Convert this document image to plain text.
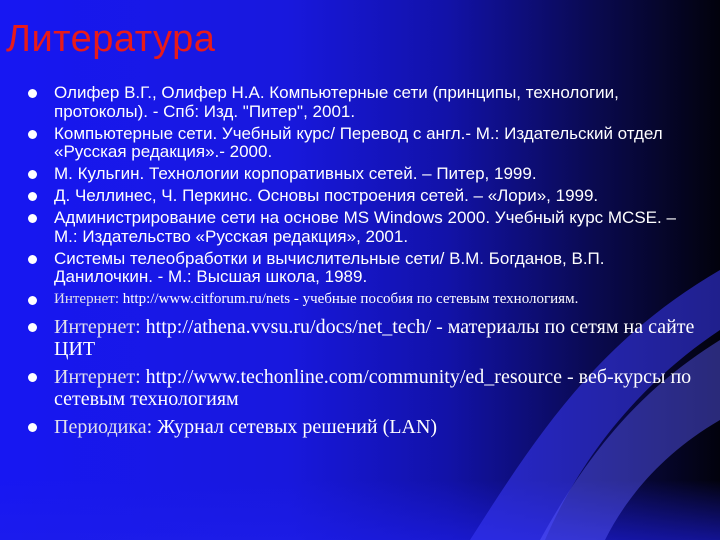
Литература
Олифер В.Г., Олифер Н.А. Компьютерные сети (принципы, технологии, протоколы). - Спб: Изд. "Питер", 2001.
Компьютерные сети. Учебный курс/ Перевод с англ.- М.: Издательский отдел «Русская редакция».- 2000.
М. Кульгин. Технологии корпоративных сетей. – Питер, 1999.
Д. Челлинес, Ч. Перкинс. Основы построения сетей. – «Лори», 1999.
Администрирование сети на основе MS Windows 2000. Учебный курс MCSE. – М.: Издательство «Русская редакция», 2001.
Системы телеобработки и вычислительные сети/ В.М. Богданов, В.П. Данилочкин. - М.: Высшая школа, 1989.
Интернет: http://www.citforum.ru/nets - учебные пособия по сетевым технологиям.
Интернет: http://athena.vvsu.ru/docs/net_tech/ - материалы по сетям на сайте ЦИТ
Интернет: http://www.techonline.com/community/ed_resource - веб-курсы по сетевым технологиям
Периодика: Журнал сетевых решений (LAN)
